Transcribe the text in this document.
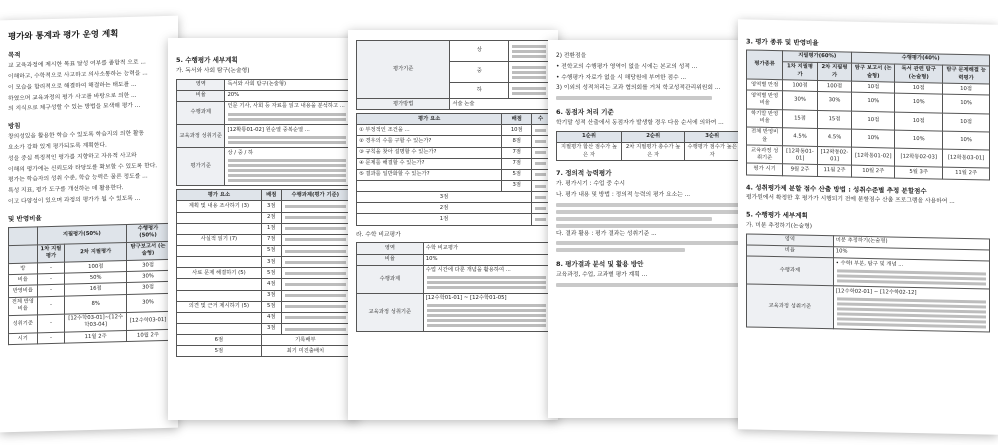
평가와 통계과 평가 운영 계획
목적
교 교육과정에 제시한 목표 달성 여부를 종합적 으로 ...
이해하고, 수학적으로 사고하고 의사소통하는 능력을 ...
이 모습을 합리적으로 해결하여 해결하는 태도를 ...
하였으며 교육과정의 평가 사고를 바탕으로 의한 ...
의 지식으로 체구성할 수 있는 방법을 모색해 평가 ...
방침
창의성있을 활용한 학습 수 있도록 학습지의 의한 활동
요소가 강화 있게 평가되도록 계획한다.
성을 중심 특징적인 평가를 지향하고 자유적 사고와
이해의 평가에는 신뢰도와 타당도를 확보할 수 있도록 한다.
평가는 학습자의 성취 수준, 학습 능력은 물론 정도를 ...
특성 지표, 평가 도구를 개선하는 데 활용한다.
이고 다양성이 있으며 과정의 평가가 될 수 있도록 ...
및 반영비율
	지필평가(50%)		수행평가(50%)
	1차 지필평가	2차 지필평가	탐구보고서 (논술형)
방	-	100점	30점
비율	-	50%	30%
반영비율	-	16점	30점
전체 반영비율	-	8%	30%
성취기준	-	[12수학03-01]~[12수학03-04]	[12수학03-01]
시기	-	11월 2주	10월 2주
5. 수행평가 세부계획
가. 독서와 사회 탐구(논술형)
영역	독서와 사회 탐구(논술형)
비율	20%
수행과제	인문 기사, 사회 등 자료를 읽고 내용을 분석하고 ...

교육과정 성취기준	[12확통01-02] 원순열 중복순열 ...

평가기준	상 / 중 / 하
평가 요소	배점	수행과제(평가 기준)
계획 및 내용 조사하기 (3)	3점	

	2점	

	1점	

사실적 읽기 (7)	7점	

	5점	

	3점	

사료 문제 해결하기 (5)	5점	

	4점	

	3점	

의견 및 근거 제시하기 (5)	5점	

	4점	

	3점	

6점	기록배부	
5점	최기 미진출배치	
평가기준	상	

	중	

	하	

평가방법	서술 논술	
평가 요소	배점	수
① 부정적인 조건을 ...	10점	

② 경우의 수를 구할 수 있는가?	8점	

③ 규칙을 찾아 설명할 수 있는가?	7점	

④ 문제를 해결할 수 있는가?	7점	

⑤ 결과를 일반화할 수 있는가?	5점	

	3점	

3점		

2점		

1점		
라. 수학 비교평가
영역	수학 비교평가
비율	10%
수행과제	수업 시간에 다룬 개념을 활용하여 ...

교육과정 성취기준	[12수학01-01] ~ [12수학01-05]
2) 전환점을
• 전학교의 수행평가 영역이 없을 시에는 본교의 성적 ...
• 수행평가 자료가 없을 시 해당원에 부여한 점수 ...
3) 이외의 성적처리는 교과 협의회를 거쳐 학교성적관리위원회 ...
6. 동점자 처리 기준
학기말 성적 산출에서 동점자가 발생할 경우 다음 순서에 의하여 ...
1순위	2순위	3순위
지필평가 합산 점수가 높은 자	2차 지필평가 총수가 높은 자	수행평가 점수가 높은 자
7. 정의적 능력평가
가. 평가시기 : 수업 중 수시
나. 평가 내용 및 방법 : 정의적 능력의 평가 요소는 ...
다. 결과 활용 : 평가 결과는 성취기준 ...
8. 평가결과 분석 및 활용 방안
교육과정, 수업, 교과별 평가 계획 ...
3. 평가 종류 및 반영비율
평가종류	지필평가(60%)		수행평가(40%)		
	1차 지필평가	2차 지필평가	탐구 보고서 (논술형)	독서 관련 탐구 (논술형)	탐구 문제해결 능력평가
영역별 만점	100점	100점	10점	10점	10점
영역별 반영 비율	30%	30%	10%	10%	10%
학기말 반영비율	15점	15점	10점	10점	10점
전체 반영비율	4.5%	4.5%	10%	10%	10%
교육과정 성취기준	[12확통01-01]	[12확통02-01]	[12확통01-02]	[12확통02-03]	[12확통03-01]
평가 시기	9월 2주	11월 2주	10월 2주	5월 3주	11월 2주
4. 성취평가제 분할 점수 산출 방법 : 성취수준별 추정 분할점수
평가원에서 확정한 후 평가가 시행되기 전에 분할점수 산출 프로그램을 사용하여 ...
5. 수행평가 세부계획
가. 미분 추정하기(논술형)
영역	미분 추정하기(논술형)
비율	10%
수행과제	• 수학I 부분, 탐구 및 개념 ...

교육과정 성취기준	[12수학02-01] ~ [12수학02-12]
